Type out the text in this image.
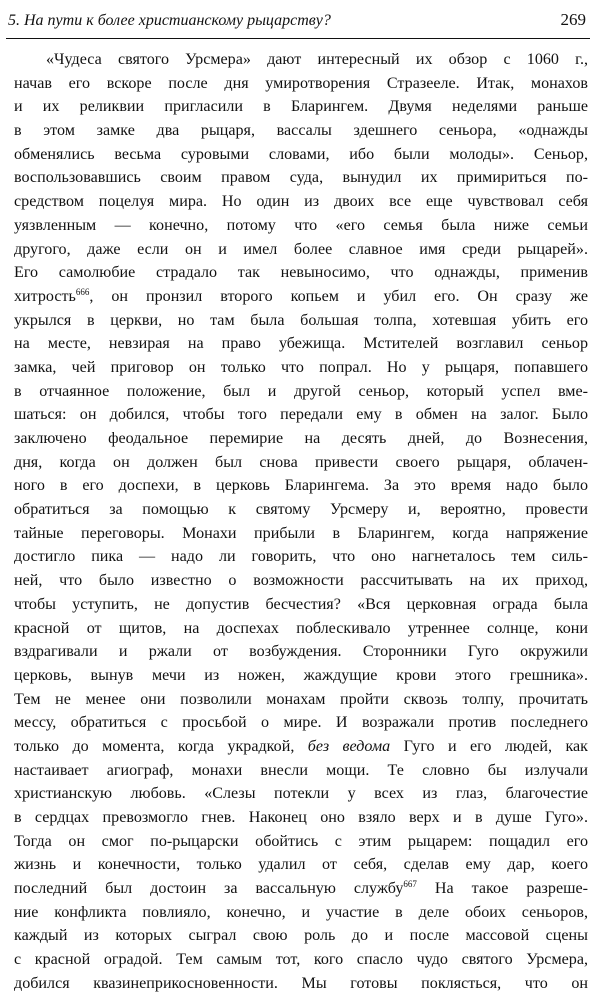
5. На пути к более христианскому рыцарству?	269
«Чудеса святого Урсмера» дают интересный их обзор с 1060 г.,
начав его вскоре после дня умиротворения Стразееле. Итак, монахов
и их реликвии пригласили в Бларингем. Двумя неделями раньше
в этом замке два рыцаря, вассалы здешнего сеньора, «однажды
обменялись весьма суровыми словами, ибо были молоды». Сеньор,
воспользовавшись своим правом суда, вынудил их примириться по-
средством поцелуя мира. Но один из двоих все еще чувствовал себя
уязвленным — конечно, потому что «его семья была ниже семьи
другого, даже если он и имел более славное имя среди рыцарей».
Его самолюбие страдало так невыносимо, что однажды, применив
хитрость$^{666}$, он пронзил второго копьем и убил его. Он сразу же
укрылся в церкви, но там была большая толпа, хотевшая убить его
на месте, невзирая на право убежища. Мстителей возглавил сеньор
замка, чей приговор он только что попрал. Но у рыцаря, попавшего
в отчаянное положение, был и другой сеньор, который успел вме-
шаться: он добился, чтобы того передали ему в обмен на залог. Было
заключено феодальное перемирие на десять дней, до Вознесения,
дня, когда он должен был снова привести своего рыцаря, облачен-
ного в его доспехи, в церковь Бларингема. За это время надо было
обратиться за помощью к святому Урсмеру и, вероятно, провести
тайные переговоры. Монахи прибыли в Бларингем, когда напряжение
достигло пика — надо ли говорить, что оно нагнеталось тем силь-
ней, что было известно о возможности рассчитывать на их приход,
чтобы уступить, не допустив бесчестия? «Вся церковная ограда была
красной от щитов, на доспехах поблескивало утреннее солнце, кони
вздрагивали и ржали от возбуждения. Сторонники Гуго окружили
церковь, вынув мечи из ножен, жаждущие крови этого грешника».
Тем не менее они позволили монахам пройти сквозь толпу, прочитать
мессу, обратиться с просьбой о мире. И возражали против последнего
только до момента, когда украдкой, без ведома Гуго и его людей, как
настаивает агиограф, монахи внесли мощи. Те словно бы излучали
христианскую любовь. «Слезы потекли у всех из глаз, благочестие
в сердцах превозмогло гнев. Наконец оно взяло верх и в душе Гуго».
Тогда он смог по-рыцарски обойтись с этим рыцарем: пощадил его
жизнь и конечности, только удалил от себя, сделав ему дар, коего
последний был достоин за вассальную службу$^{667}$ На такое разреше-
ние конфликта повлияло, конечно, и участие в деле обоих сеньоров,
каждый из которых сыграл свою роль до и после массовой сцены
с красной оградой. Тем самым тот, кого спасло чудо святого Урсмера,
добился квазинеприкосновенности. Мы готовы поклясться, что он
